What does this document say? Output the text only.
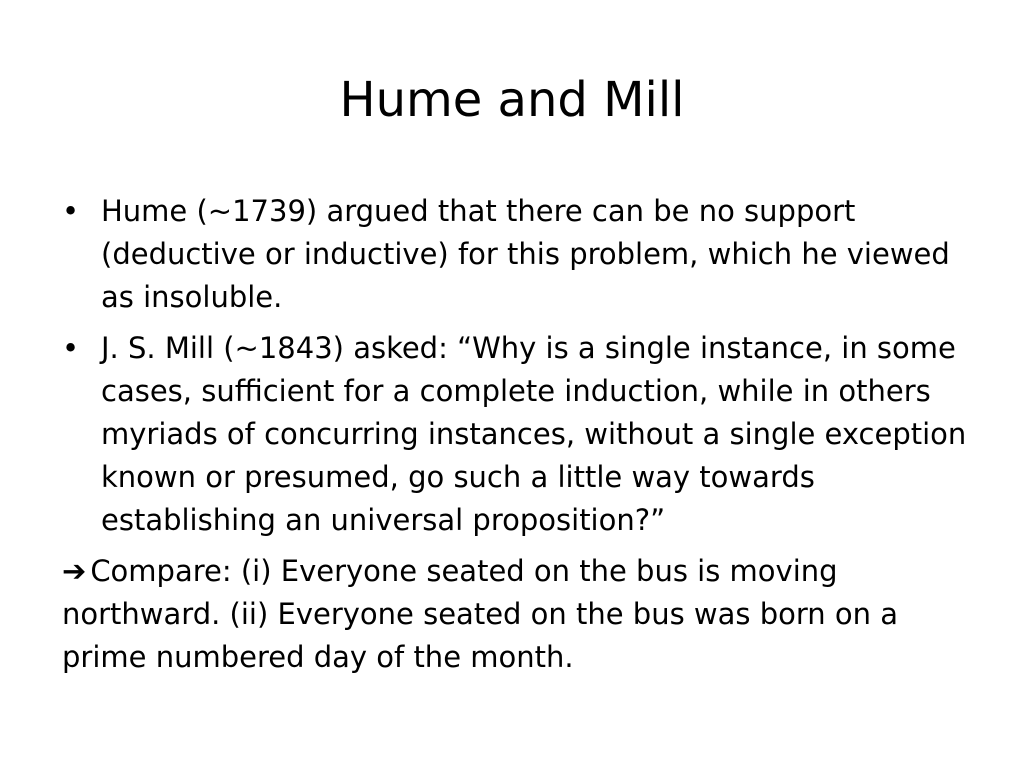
Hume and Mill
• Hume (~1739) argued that there can be no support (deductive or inductive) for this problem, which he viewed as insoluble.
• J. S. Mill (~1843) asked: “Why is a single instance, in some cases, sufficient for a complete induction, while in others myriads of concurring instances, without a single exception known or presumed, go such a little way towards establishing an universal proposition?”
➔ Compare: (i) Everyone seated on the bus is moving northward. (ii) Everyone seated on the bus was born on a prime numbered day of the month.
